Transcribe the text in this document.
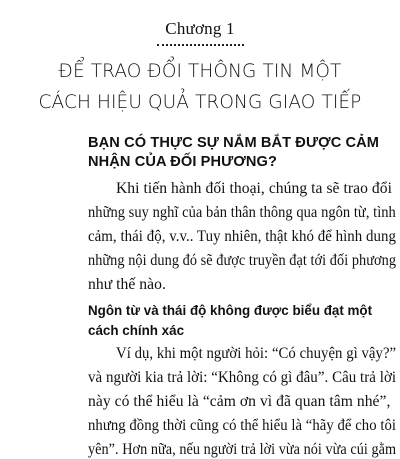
Chương 1
ĐỂ TRAO ĐỔI THÔNG TIN MỘT
CÁCH HIỆU QUẢ TRONG GIAO TIẾP
BẠN CÓ THỰC SỰ NẮM BẮT ĐƯỢC CẢM
NHẬN CỦA ĐỐI PHƯƠNG?
Khi tiến hành đối thoại, chúng ta sẽ trao đổi
những suy nghĩ của bản thân thông qua ngôn từ, tình
cảm, thái độ, v.v.. Tuy nhiên, thật khó để hình dung
những nội dung đó sẽ được truyền đạt tới đối phương
như thế nào.
Ngôn từ và thái độ không được biểu đạt một
cách chính xác
Ví dụ, khi một người hỏi: “Có chuyện gì vậy?”
và người kia trả lời: “Không có gì đâu”. Câu trả lời
này có thể hiểu là “cảm ơn vì đã quan tâm nhé”,
nhưng đồng thời cũng có thể hiểu là “hãy để cho tôi
yên”. Hơn nữa, nếu người trả lời vừa nói vừa cúi gằm
